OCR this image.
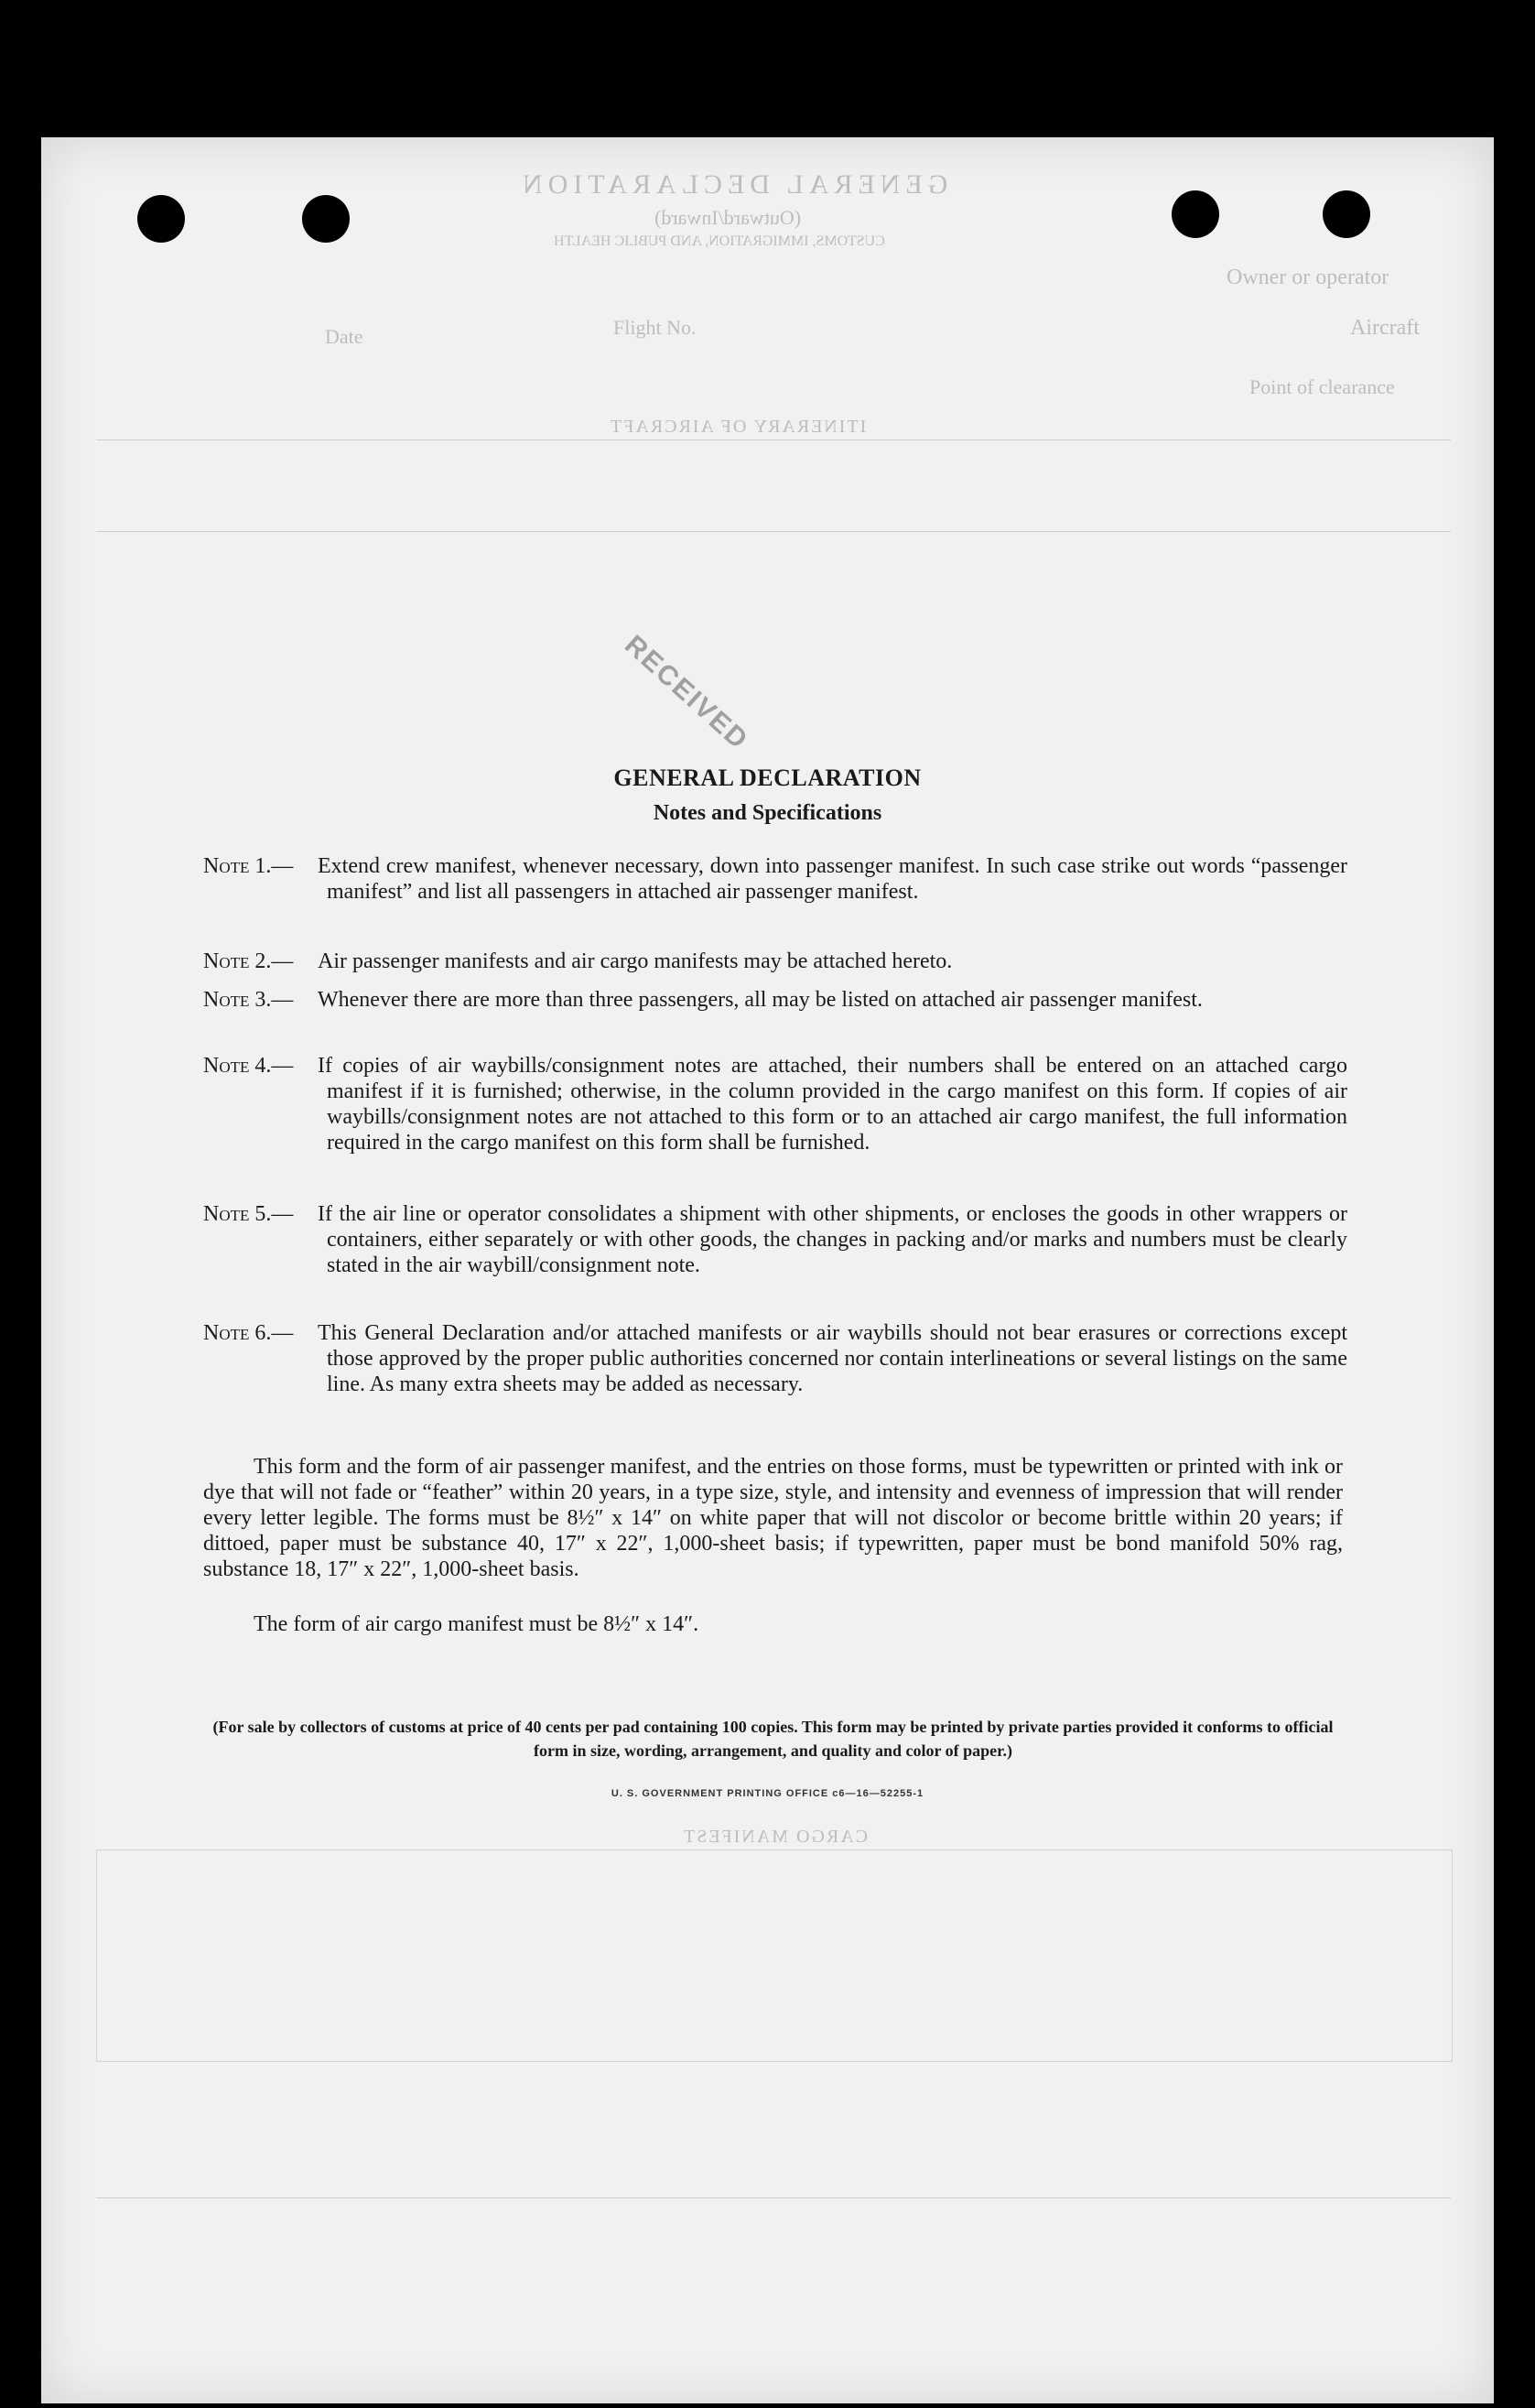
GENERAL DECLARATION
(Outward/Inward)
CUSTOMS, IMMIGRATION, AND PUBLIC HEALTH
Owner or operator
Aircraft
Flight No.
Date
Point of clearance
ITINERARY OF AIRCRAFT
CARGO MANIFEST
RECEIVED
GENERAL DECLARATION
Notes and Specifications
Note 1.—	Extend crew manifest, whenever necessary, down into passenger manifest. In such case strike out words “passenger manifest” and list all passengers in attached air passenger manifest.
Note 2.—	Air passenger manifests and air cargo manifests may be attached hereto.
Note 3.—	Whenever there are more than three passengers, all may be listed on attached air passenger manifest.
Note 4.—	If copies of air waybills/consignment notes are attached, their numbers shall be entered on an attached cargo manifest if it is furnished; otherwise, in the column provided in the cargo manifest on this form. If copies of air waybills/consignment notes are not attached to this form or to an attached air cargo manifest, the full information required in the cargo manifest on this form shall be furnished.
Note 5.—	If the air line or operator consolidates a shipment with other shipments, or encloses the goods in other wrappers or containers, either separately or with other goods, the changes in packing and/or marks and numbers must be clearly stated in the air waybill/consignment note.
Note 6.—	This General Declaration and/or attached manifests or air waybills should not bear erasures or corrections except those approved by the proper public authorities concerned nor contain interlineations or several listings on the same line. As many extra sheets may be added as necessary.
This form and the form of air passenger manifest, and the entries on those forms, must be typewritten or printed with ink or dye that will not fade or “feather” within 20 years, in a type size, style, and intensity and evenness of impression that will render every letter legible. The forms must be 8½″ x 14″ on white paper that will not discolor or become brittle within 20 years; if dittoed, paper must be substance 40, 17″ x 22″, 1,000-sheet basis; if typewritten, paper must be bond manifold 50% rag, substance 18, 17″ x 22″, 1,000-sheet basis.
The form of air cargo manifest must be 8½″ x 14″.
(For sale by collectors of customs at price of 40 cents per pad containing 100 copies. This form may be printed by private parties provided it conforms to official form in size, wording, arrangement, and quality and color of paper.)
U. S. GOVERNMENT PRINTING OFFICE c6—16—52255-1
